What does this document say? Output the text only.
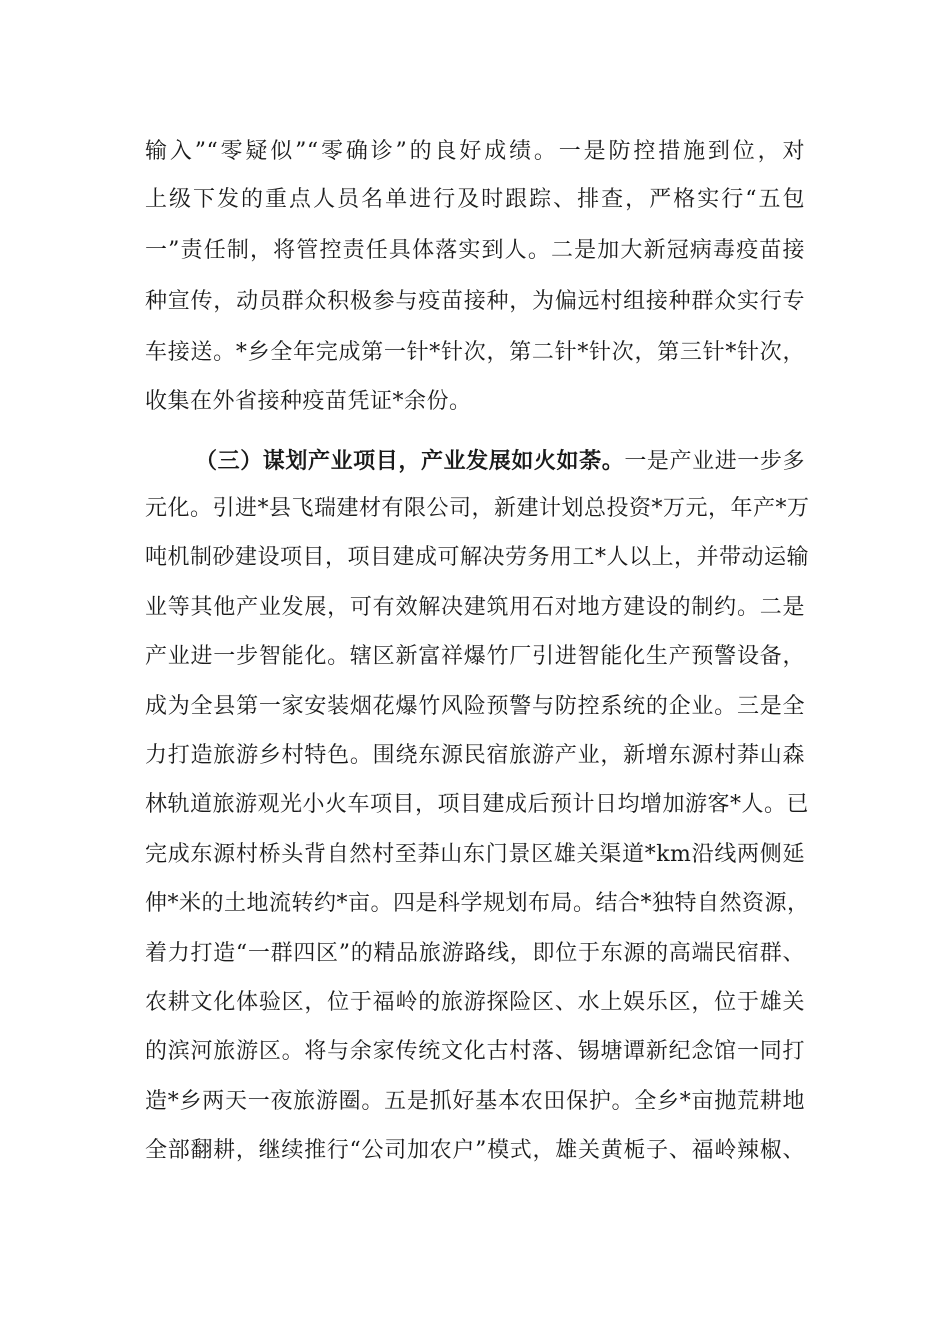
输入”“零疑似”“零确诊”的良好成绩。一是防控措施到位，对
上级下发的重点人员名单进行及时跟踪、排查，严格实行“五包
一”责任制，将管控责任具体落实到人。二是加大新冠病毒疫苗接
种宣传，动员群众积极参与疫苗接种，为偏远村组接种群众实行专
车接送。*乡全年完成第一针*针次，第二针*针次，第三针*针次，
收集在外省接种疫苗凭证*余份。
（三）谋划产业项目，产业发展如火如荼。一是产业进一步多
元化。引进*县飞瑞建材有限公司，新建计划总投资*万元，年产*万
吨机制砂建设项目，项目建成可解决劳务用工*人以上，并带动运输
业等其他产业发展，可有效解决建筑用石对地方建设的制约。二是
产业进一步智能化。辖区新富祥爆竹厂引进智能化生产预警设备，
成为全县第一家安装烟花爆竹风险预警与防控系统的企业。三是全
力打造旅游乡村特色。围绕东源民宿旅游产业，新增东源村莽山森
林轨道旅游观光小火车项目，项目建成后预计日均增加游客*人。已
完成东源村桥头背自然村至莽山东门景区雄关渠道*km沿线两侧延
伸*米的土地流转约*亩。四是科学规划布局。结合*独特自然资源，
着力打造“一群四区”的精品旅游路线，即位于东源的高端民宿群、
农耕文化体验区，位于福岭的旅游探险区、水上娱乐区，位于雄关
的滨河旅游区。将与余家传统文化古村落、锡塘谭新纪念馆一同打
造*乡两天一夜旅游圈。五是抓好基本农田保护。全乡*亩抛荒耕地
全部翻耕，继续推行“公司加农户”模式，雄关黄栀子、福岭辣椒、
